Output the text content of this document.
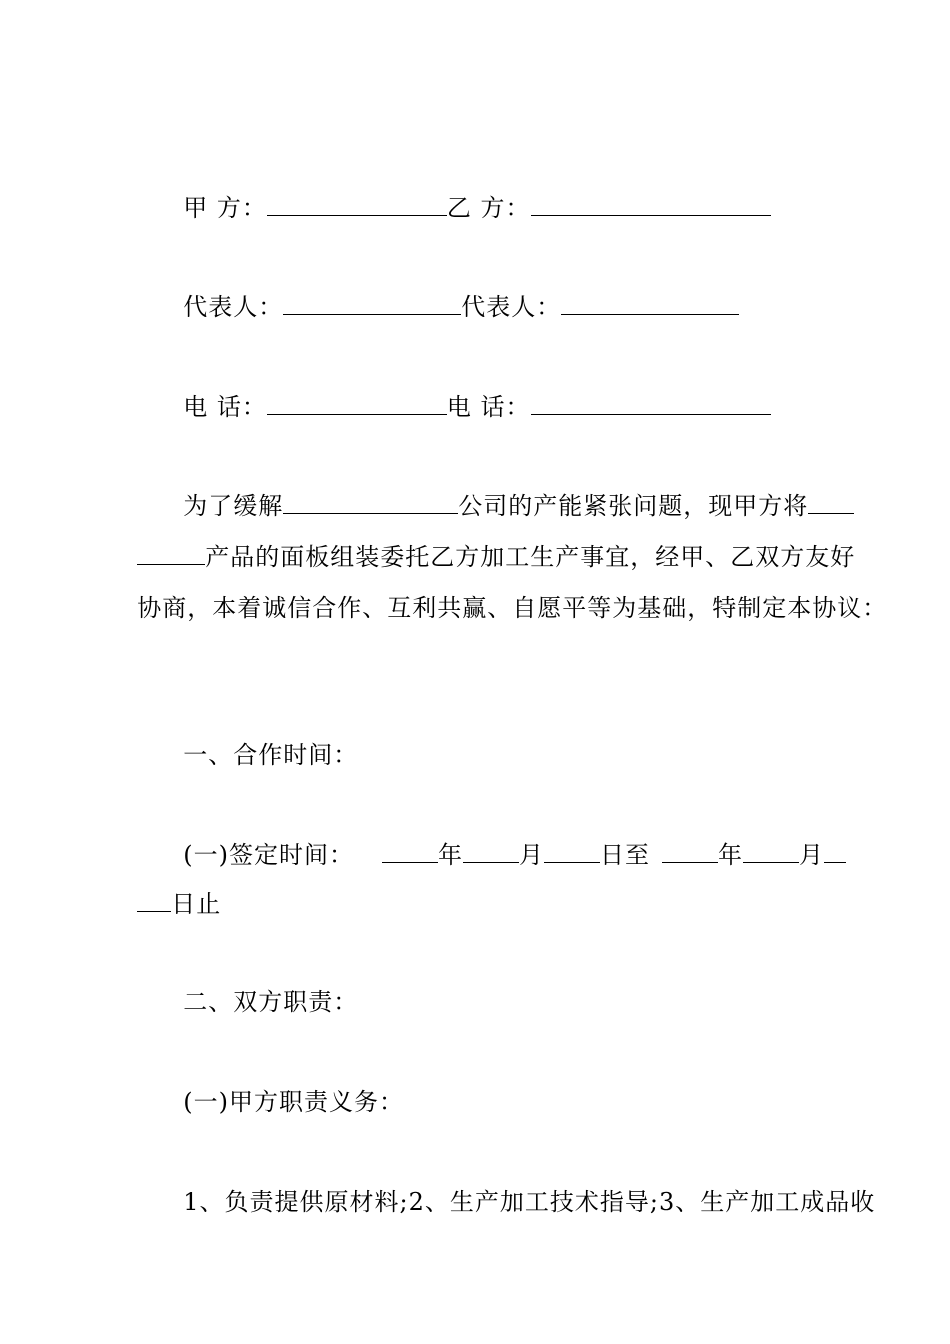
甲 方：	乙 方：

代表人：	代表人：

电 话：	电 话：

为了缓解	公司的产能紧张问题，现甲方将

产品的面板组装委托乙方加工生产事宜，经甲、乙双方友好

协商，本着诚信合作、互利共赢、自愿平等为基础，特制定本协议：

一、合作时间：

(一)签定时间：	年 月 日至	年 月

日止

二、双方职责：

(一)甲方职责义务：

1、负责提供原材料;2、生产加工技术指导;3、生产加工成品收
